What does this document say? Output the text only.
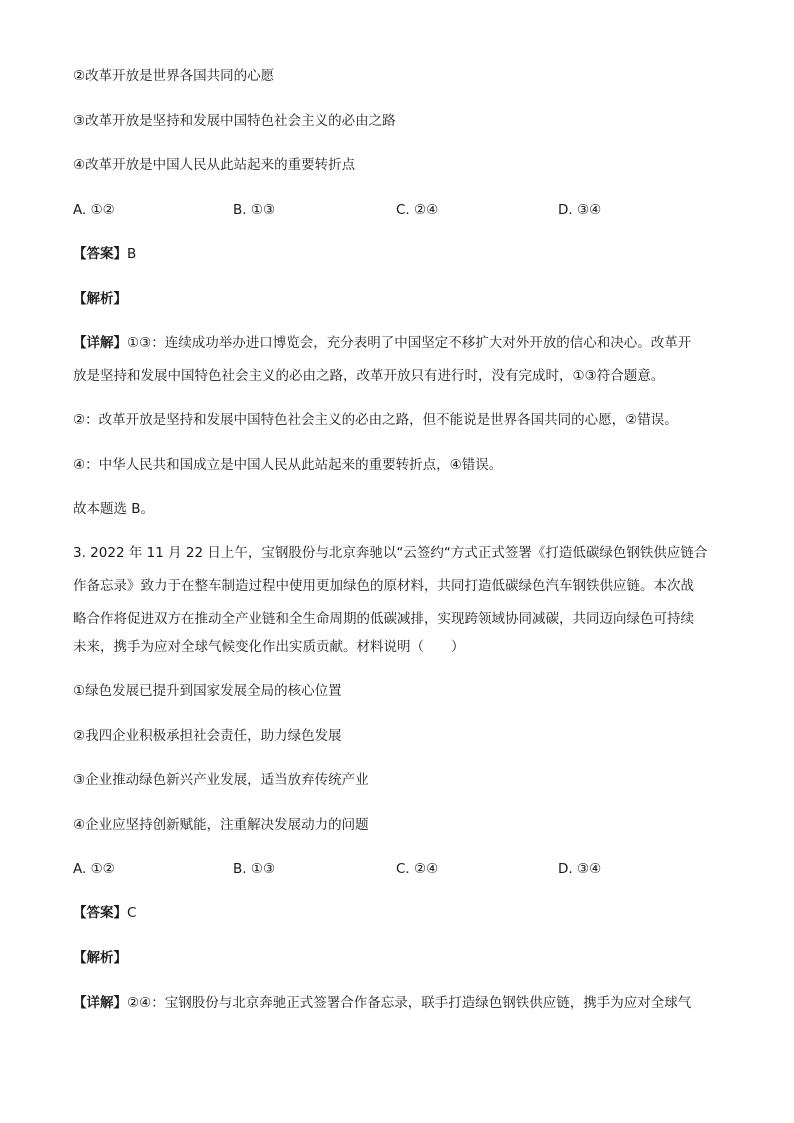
②改革开放是世界各国共同的心愿
③改革开放是坚持和发展中国特色社会主义的必由之路
④改革开放是中国人民从此站起来的重要转折点
A. ①②	B. ①③	C. ②④	D. ③④
【答案】B
【解析】
【详解】①③：连续成功举办进口博览会，充分表明了中国坚定不移扩大对外开放的信心和决心。改革开
放是坚持和发展中国特色社会主义的必由之路，改革开放只有进行时，没有完成时，①③符合题意。
②：改革开放是坚持和发展中国特色社会主义的必由之路，但不能说是世界各国共同的心愿，②错误。
④：中华人民共和国成立是中国人民从此站起来的重要转折点，④错误。
故本题选 B。
3. 2022 年 11 月 22 日上午，宝钢股份与北京奔驰以“云签约“方式正式签署《打造低碳绿色钢铁供应链合
作备忘录》致力于在整车制造过程中使用更加绿色的原材料，共同打造低碳绿色汽车钢铁供应链。本次战
略合作将促进双方在推动全产业链和全生命周期的低碳减排，实现跨领域协同减碳，共同迈向绿色可持续
未来，携手为应对全球气候变化作出实质贡献。材料说明（　　）
①绿色发展已提升到国家发展全局的核心位置
②我四企业积极承担社会责任，助力绿色发展
③企业推动绿色新兴产业发展，适当放弃传统产业
④企业应坚持创新赋能，注重解决发展动力的问题
A. ①②	B. ①③	C. ②④	D. ③④
【答案】C
【解析】
【详解】②④：宝钢股份与北京奔驰正式签署合作备忘录，联手打造绿色钢铁供应链，携手为应对全球气
